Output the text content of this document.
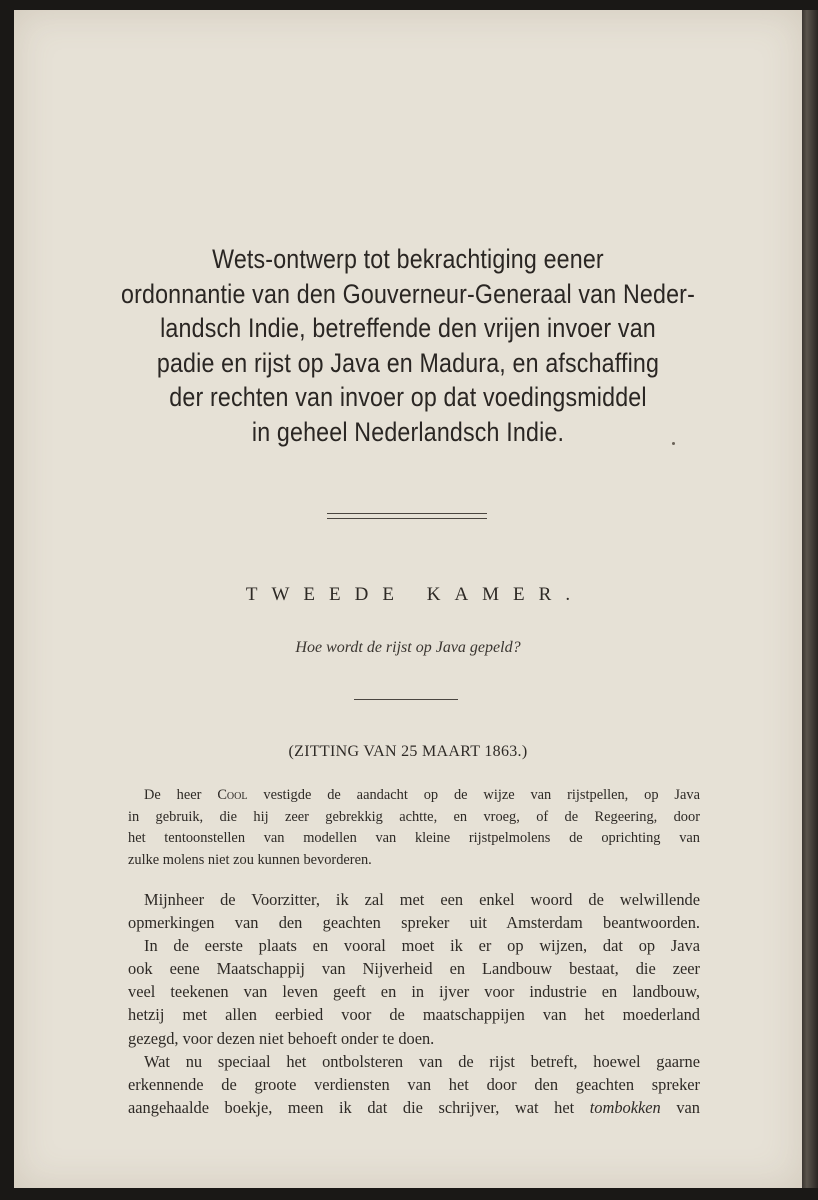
Wets-ontwerp tot bekrachtiging eener
ordonnantie van den Gouverneur-Generaal van Neder-
landsch Indie, betreffende den vrijen invoer van
padie en rijst op Java en Madura, en afschaffing
der rechten van invoer op dat voedingsmiddel
in geheel Nederlandsch Indie.
TWEEDE KAMER.
Hoe wordt de rijst op Java gepeld?
(ZITTING VAN 25 MAART 1863.)
De heer Cool vestigde de aandacht op de wijze van rijstpellen, op Java
in gebruik, die hij zeer gebrekkig achtte, en vroeg, of de Regeering, door
het tentoonstellen van modellen van kleine rijstpelmolens de oprichting van
zulke molens niet zou kunnen bevorderen.
Mijnheer de Voorzitter, ik zal met een enkel woord de welwillende
opmerkingen van den geachten spreker uit Amsterdam beantwoorden.
In de eerste plaats en vooral moet ik er op wijzen, dat op Java
ook eene Maatschappij van Nijverheid en Landbouw bestaat, die zeer
veel teekenen van leven geeft en in ijver voor industrie en landbouw,
hetzij met allen eerbied voor de maatschappijen van het moederland
gezegd, voor dezen niet behoeft onder te doen.
Wat nu speciaal het ontbolsteren van de rijst betreft, hoewel gaarne
erkennende de groote verdiensten van het door den geachten spreker
aangehaalde boekje, meen ik dat die schrijver, wat het tombokken van
